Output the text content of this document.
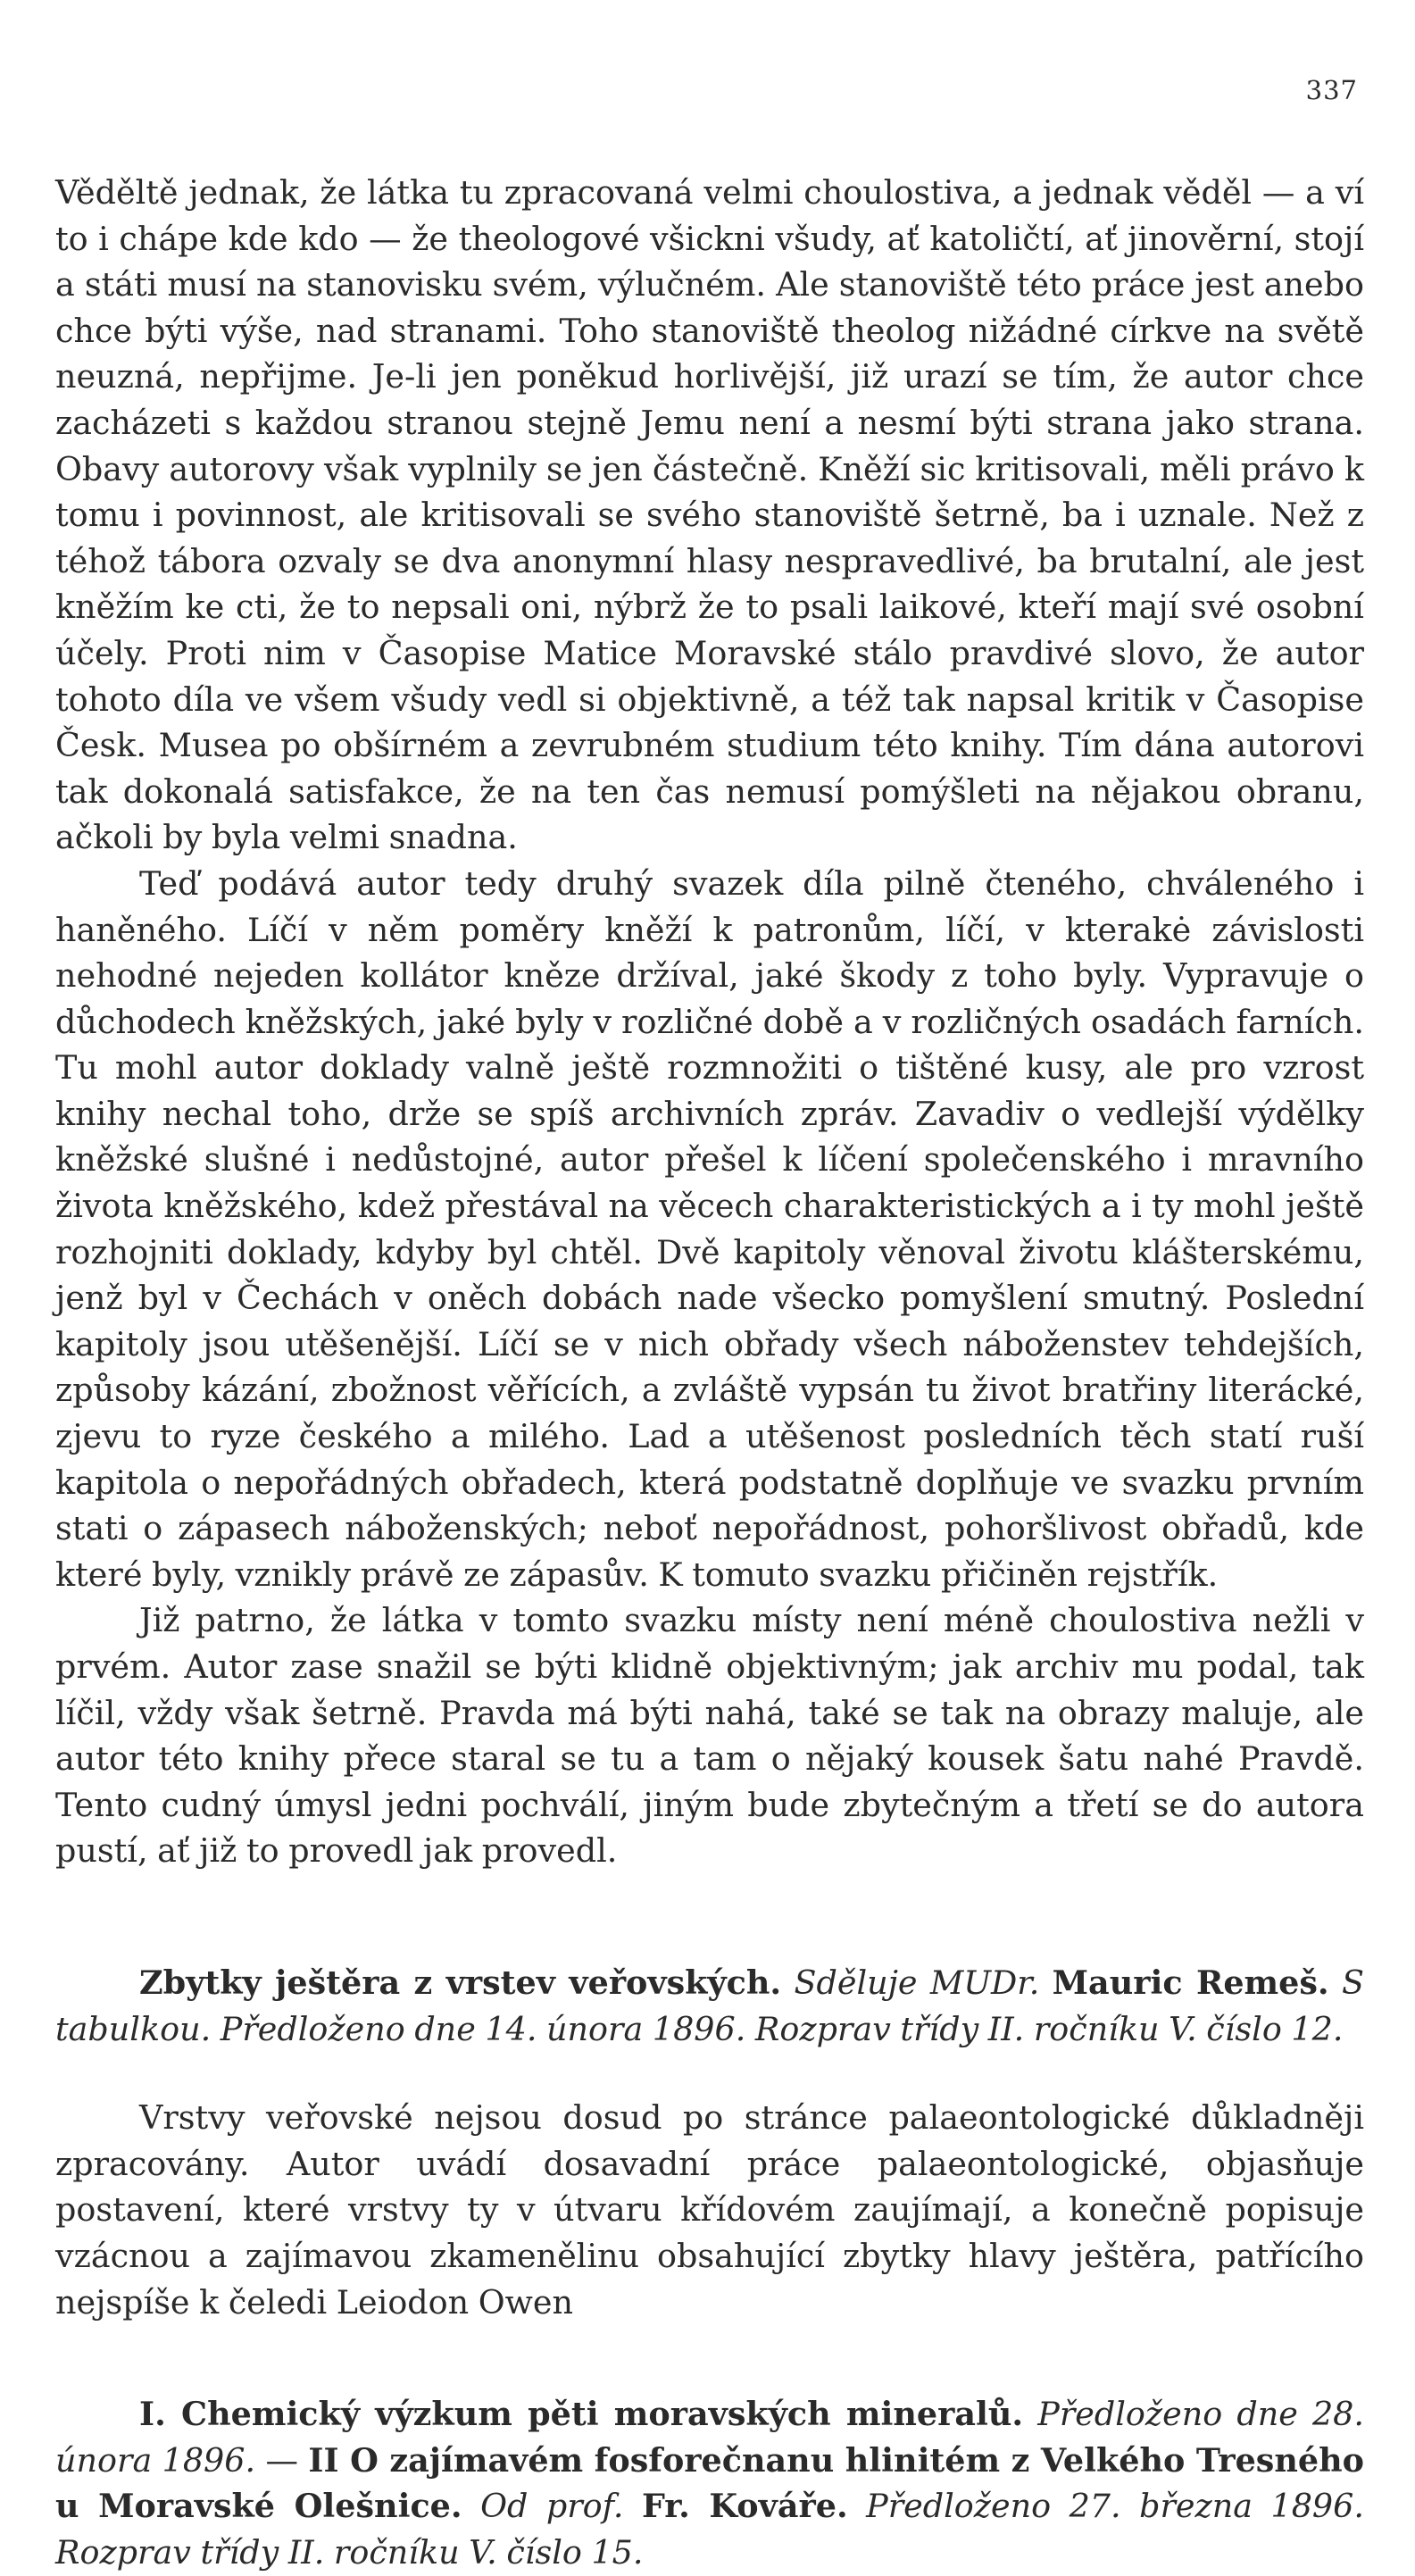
337

Věděltě jednak, že látka tu zpracovaná velmi choulostiva, a jednak věděl — a ví to i chápe kde kdo — že theologové všickni všudy, ať katoličtí, ať jinověrní, stojí a státi musí na stanovisku svém, výlučném. Ale stanoviště této práce jest anebo chce býti výše, nad stranami. Toho stanoviště theolog nižádné církve na světě neuzná, nepřijme. Je-li jen poněkud horlivější, již urazí se tím, že autor chce zacházeti s každou stranou stejně Jemu není a nesmí býti strana jako strana. Obavy autorovy však vyplnily se jen částečně. Kněží sic kritisovali, měli právo k tomu i povinnost, ale kritisovali se svého stanoviště šetrně, ba i uznale. Než z téhož tábora ozvaly se dva anonymní hlasy nespravedlivé, ba brutalní, ale jest kněžím ke cti, že to nepsali oni, nýbrž že to psali laikové, kteří mají své osobní účely. Proti nim v Časopise Matice Moravské stálo pravdivé slovo, že autor tohoto díla ve všem všudy vedl si objektivně, a též tak napsal kritik v Časopise Česk. Musea po obšírném a zevrubném studium této knihy. Tím dána autorovi tak dokonalá satisfakce, že na ten čas nemusí pomýšleti na nějakou obranu, ačkoli by byla velmi snadna.

Teď podává autor tedy druhý svazek díla pilně čteného, chváleného i haněného. Líčí v něm poměry kněží k patronům, líčí, v kterakė závislosti nehodné nejeden kollátor kněze držíval, jaké škody z toho byly. Vypravuje o důchodech kněžských, jaké byly v rozličné době a v rozličných osadách farních. Tu mohl autor doklady valně ještě rozmnožiti o tištěné kusy, ale pro vzrost knihy nechal toho, drže se spíš archivních zpráv. Zavadiv o vedlejší výdělky kněžské slušné i nedůstojné, autor přešel k líčení společenského i mravního života kněžského, kdež přestával na věcech charakteristických a i ty mohl ještě rozhojniti doklady, kdyby byl chtěl. Dvě kapitoly věnoval životu klášterskému, jenž byl v Čechách v oněch dobách nade všecko pomyšlení smutný. Poslední kapitoly jsou utěšenější. Líčí se v nich obřady všech náboženstev tehdejších, způsoby kázání, zbožnost věřících, a zvláště vypsán tu život bratřiny literácké, zjevu to ryze českého a milého. Lad a utěšenost posledních těch statí ruší kapitola o nepořádných obřadech, která podstatně doplňuje ve svazku prvním stati o zápasech náboženských; neboť nepořádnost, pohoršlivost obřadů, kde které byly, vznikly právě ze zápasův. K tomuto svazku přičiněn rejstřík.

Již patrno, že látka v tomto svazku místy není méně choulostiva nežli v prvém. Autor zase snažil se býti klidně objektivným; jak archiv mu podal, tak líčil, vždy však šetrně. Pravda má býti nahá, také se tak na obrazy maluje, ale autor této knihy přece staral se tu a tam o nějaký kousek šatu nahé Pravdě. Tento cudný úmysl jedni pochválí, jiným bude zbytečným a třetí se do autora pustí, ať již to provedl jak provedl.

Zbytky ještěra z vrstev veřovských. Sděluje MUDr. Mauric Remeš. S tabulkou. Předloženo dne 14. února 1896. Rozprav třídy II. ročníku V. číslo 12.

Vrstvy veřovské nejsou dosud po stránce palaeontologické důkladněji zpracovány. Autor uvádí dosavadní práce palaeontologické, objasňuje postavení, které vrstvy ty v útvaru křídovém zaujímají, a konečně popisuje vzácnou a zajímavou zkamenělinu obsahující zbytky hlavy ještěra, patřícího nejspíše k čeledi Leiodon Owen

I. Chemický výzkum pěti moravských mineralů. Předloženo dne 28. února 1896. — II O zajímavém fosforečnanu hlinitém z Velkého Tresného u Moravské Olešnice. Od prof. Fr. Kováře. Předloženo 27. března 1896. Rozprav třídy II. ročníku V. číslo 15.
